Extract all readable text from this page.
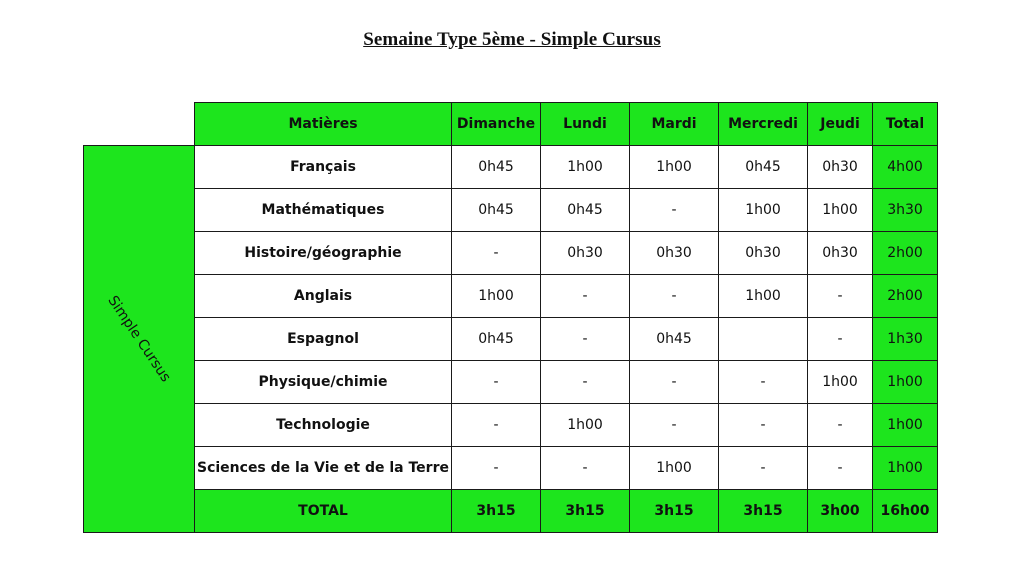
Semaine Type 5ème - Simple Cursus
	Matières	Dimanche	Lundi	Mardi	Mercredi	Jeudi	Total

Simple Cursus	Français	0h45	1h00	1h00	0h45	0h30	4h00
	Mathématiques	0h45	0h45	-	1h00	1h00	3h30
	Histoire/géographie	-	0h30	0h30	0h30	0h30	2h00
	Anglais	1h00	-	-	1h00	-	2h00
	Espagnol	0h45	-	0h45		-	1h30
	Physique/chimie	-	-	-	-	1h00	1h00
	Technologie	-	1h00	-	-	-	1h00
	Sciences de la Vie et de la Terre	-	-	1h00	-	-	1h00
	TOTAL	3h15	3h15	3h15	3h15	3h00	16h00
